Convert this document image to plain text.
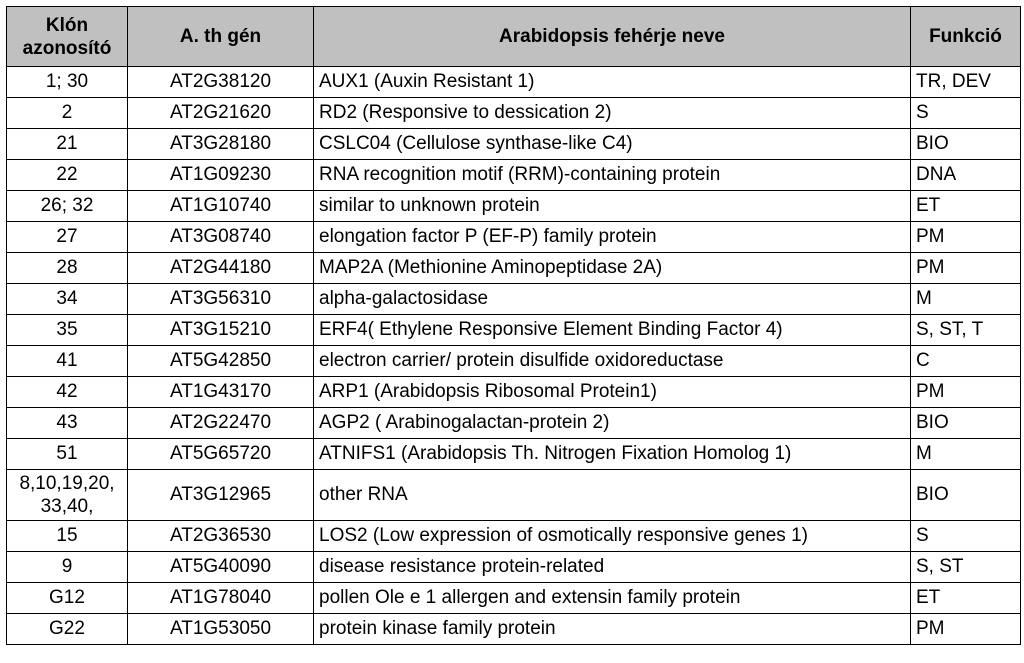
Klón
azonosító	A. th gén	Arabidopsis fehérje neve	Funkció
1; 30	AT2G38120	AUX1 (Auxin Resistant 1)	TR, DEV
2	AT2G21620	RD2 (Responsive to dessication 2)	S
21	AT3G28180	CSLC04 (Cellulose synthase-like C4)	BIO
22	AT1G09230	RNA recognition motif (RRM)-containing protein	DNA
26; 32	AT1G10740	similar to unknown protein	ET
27	AT3G08740	elongation factor P (EF-P) family protein	PM
28	AT2G44180	MAP2A (Methionine Aminopeptidase 2A)	PM
34	AT3G56310	alpha-galactosidase	M
35	AT3G15210	ERF4( Ethylene Responsive Element Binding Factor 4)	S, ST, T
41	AT5G42850	electron carrier/ protein disulfide oxidoreductase	C
42	AT1G43170	ARP1 (Arabidopsis Ribosomal Protein1)	PM
43	AT2G22470	AGP2 ( Arabinogalactan-protein 2)	BIO
51	AT5G65720	ATNIFS1 (Arabidopsis Th. Nitrogen Fixation Homolog 1)	M
8,10,19,20, 33,40,	AT3G12965	other RNA	BIO
15	AT2G36530	LOS2 (Low expression of osmotically responsive genes 1)	S
9	AT5G40090	disease resistance protein-related	S, ST
G12	AT1G78040	pollen Ole e 1 allergen and extensin family protein	ET
G22	AT1G53050	protein kinase family protein	PM
